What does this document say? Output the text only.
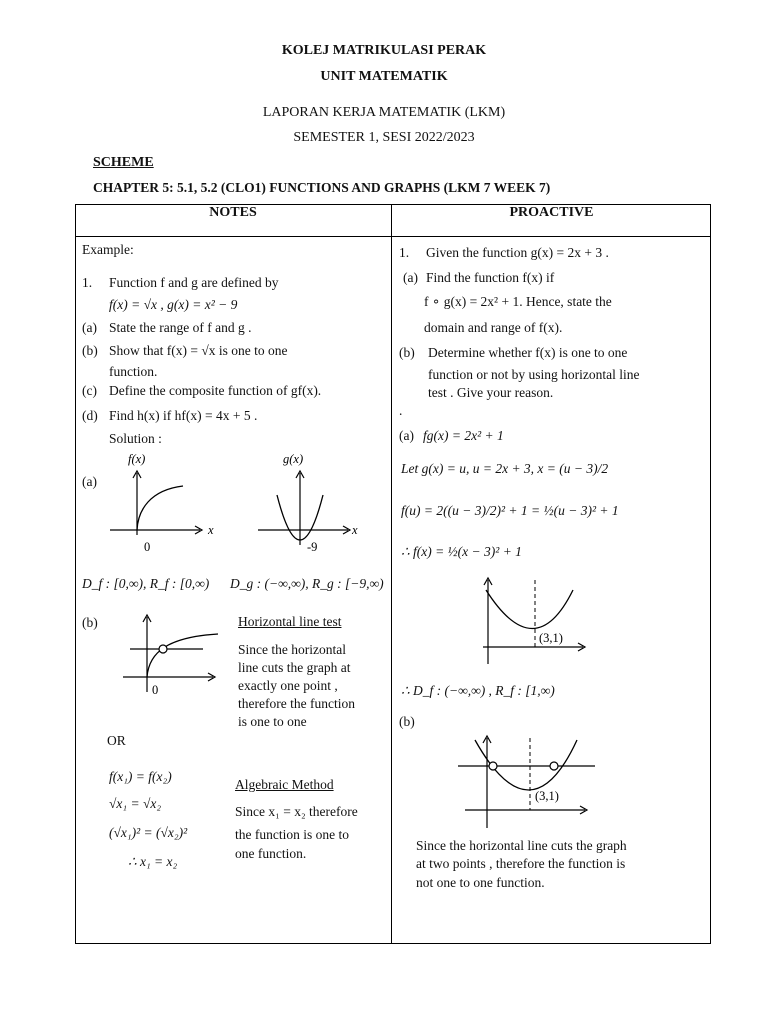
KOLEJ MATRIKULASI PERAK
UNIT MATEMATIK
LAPORAN KERJA MATEMATIK (LKM)
SEMESTER 1, SESI 2022/2023
SCHEME
CHAPTER 5: 5.1, 5.2 (CLO1) FUNCTIONS AND GRAPHS (LKM 7 WEEK 7)
NOTES	PROACTIVE
Example:
1. Function f and g are defined by
f(x) = √x , g(x) = x² − 9
(a) State the range of f and g .
(b) Show that f(x) = √x is one to one
function.
(c) Define the composite function of gf(x).
(d) Find h(x) if hf(x) = 4x + 5 .
Solution :
(a)
f(x)
x
0
g(x)
x
-9
D_f : [0,∞), R_f : [0,∞) D_g : (−∞,∞), R_g : [−9,∞)
(b)
0
Horizontal line test
Since the horizontal
line cuts the graph at
exactly one point ,
therefore the function
is one to one
OR
f(x₁) = f(x₂)
√x₁ = √x₂
(√x₁)² = (√x₂)²
∴ x₁ = x₂
Algebraic Method
Since x₁ = x₂ therefore
the function is one to
one function.
1. Given the function g(x) = 2x + 3 .
(a) Find the function f(x) if
f ∘ g(x) = 2x² + 1. Hence, state the
domain and range of f(x).
(b) Determine whether f(x) is one to one
function or not by using horizontal line
test . Give your reason.
.
(a) fg(x) = 2x² + 1
Let g(x) = u, u = 2x + 3, x = (u − 3)/2
f(u) = 2((u − 3)/2)² + 1 = ½(u − 3)² + 1
∴ f(x) = ½(x − 3)² + 1
(3,1)
∴ D_f : (−∞,∞) , R_f : [1,∞)
(b)
(3,1)
Since the horizontal line cuts the graph
at two points , therefore the function is
not one to one function.
